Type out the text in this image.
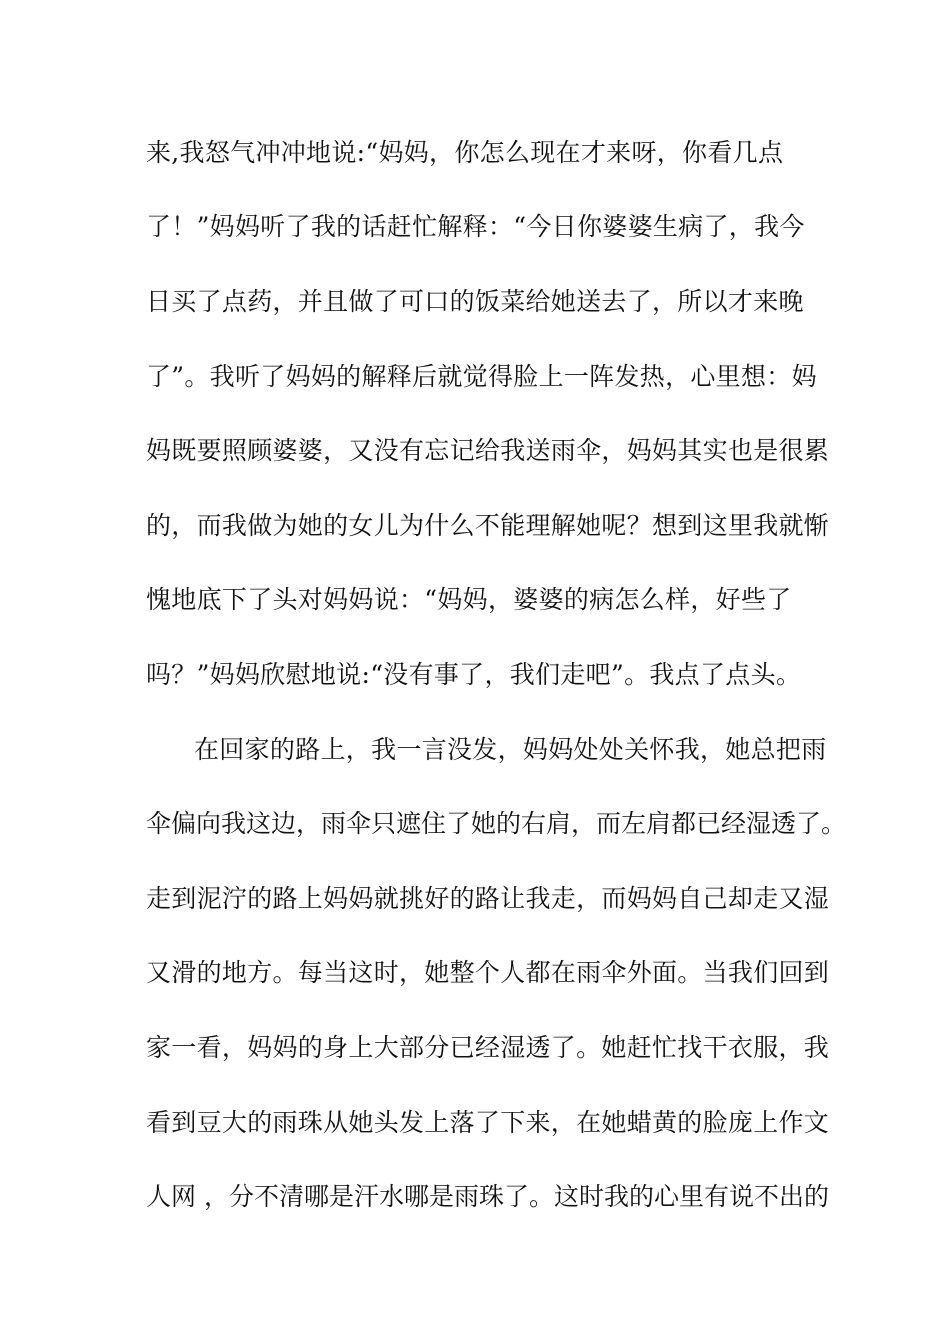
来,我怒气冲冲地说:“妈妈，你怎么现在才来呀，你看几点
了！”妈妈听了我的话赶忙解释：“今日你婆婆生病了，我今
日买了点药，并且做了可口的饭菜给她送去了，所以才来晚
了”。我听了妈妈的解释后就觉得脸上一阵发热，心里想：妈
妈既要照顾婆婆，又没有忘记给我送雨伞，妈妈其实也是很累
的，而我做为她的女儿为什么不能理解她呢？想到这里我就惭
愧地底下了头对妈妈说：“妈妈，婆婆的病怎么样，好些了
吗？”妈妈欣慰地说:“没有事了，我们走吧”。我点了点头。
在回家的路上，我一言没发，妈妈处处关怀我，她总把雨
伞偏向我这边，雨伞只遮住了她的右肩，而左肩都已经湿透了。
走到泥泞的路上妈妈就挑好的路让我走，而妈妈自己却走又湿
又滑的地方。每当这时，她整个人都在雨伞外面。当我们回到
家一看，妈妈的身上大部分已经湿透了。她赶忙找干衣服，我
看到豆大的雨珠从她头发上落了下来，在她蜡黄的脸庞上作文
人网 ，分不清哪是汗水哪是雨珠了。这时我的心里有说不出的
